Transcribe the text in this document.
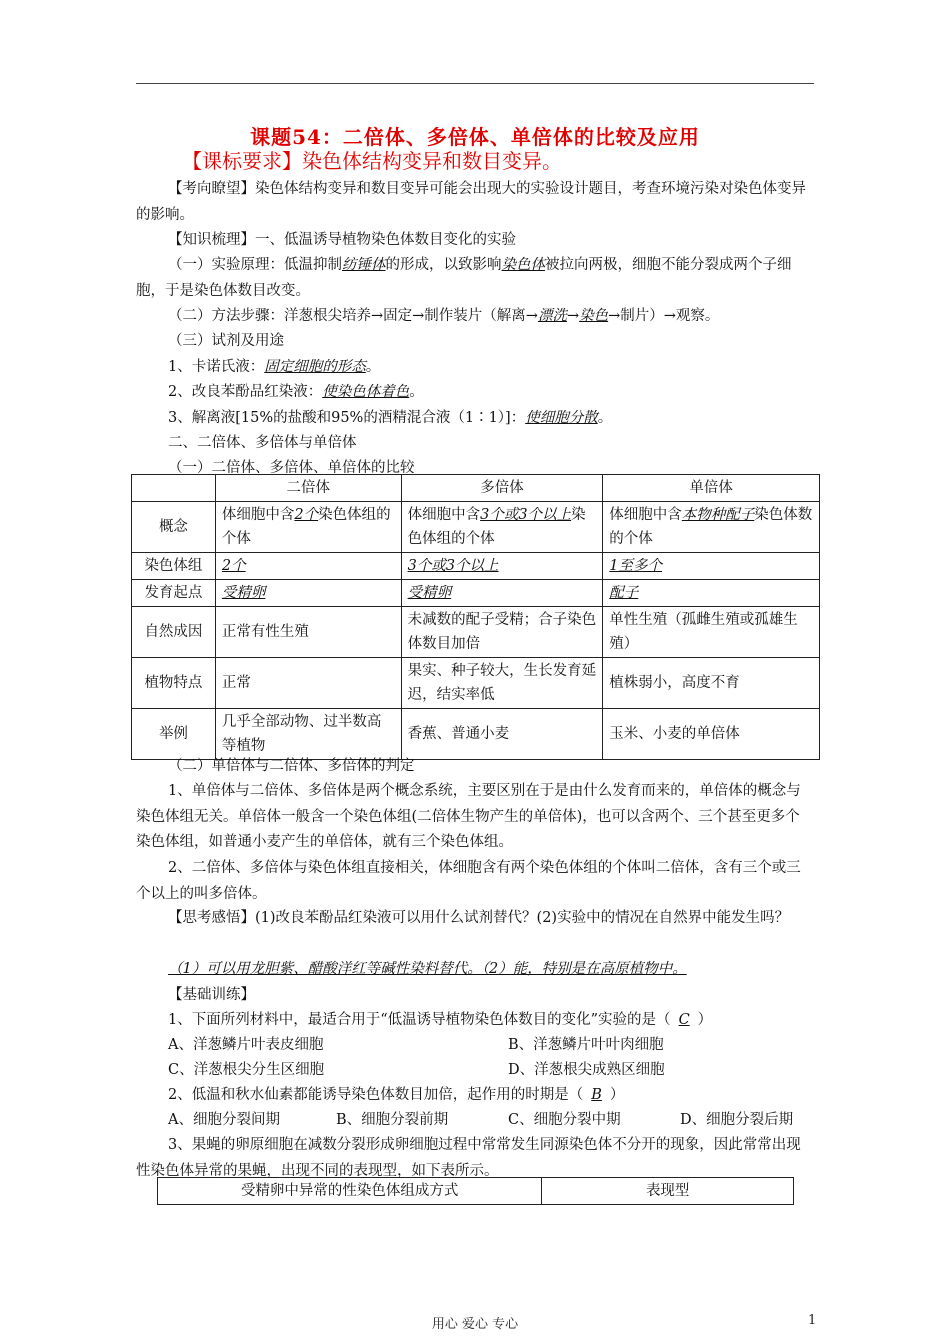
课题54：二倍体、多倍体、单倍体的比较及应用
【课标要求】染色体结构变异和数目变异。
【考向瞭望】染色体结构变异和数目变异可能会出现大的实验设计题目，考查环境污染对染色体变异的影响。
【知识梳理】一、低温诱导植物染色体数目变化的实验
（一）实验原理：低温抑制纺锤体的形成，以致影响染色体被拉向两极，细胞不能分裂成两个子细胞，于是染色体数目改变。
（二）方法步骤：洋葱根尖培养→固定→制作装片（解离→漂洗→染色→制片）→观察。
（三）试剂及用途
1、卡诺氏液：固定细胞的形态。
2、改良苯酚品红染液：使染色体着色。
3、解离液[15%的盐酸和95%的酒精混合液（1∶1）]：使细胞分散。
二、二倍体、多倍体与单倍体
（一）二倍体、多倍体、单倍体的比较
	二倍体	多倍体	单倍体
概念	体细胞中含2个染色体组的个体	体细胞中含3个或3个以上染色体组的个体	体细胞中含本物种配子染色体数的个体
染色体组	2个	3个或3个以上	1至多个
发育起点	受精卵	受精卵	配子
自然成因	正常有性生殖	未减数的配子受精；合子染色体数目加倍	单性生殖（孤雌生殖或孤雄生殖）
植物特点	正常	果实、种子较大，生长发育延迟，结实率低	植株弱小，高度不育
举例	几乎全部动物、过半数高等植物	香蕉、普通小麦	玉米、小麦的单倍体
（二）单倍体与二倍体、多倍体的判定
1、单倍体与二倍体、多倍体是两个概念系统，主要区别在于是由什么发育而来的，单倍体的概念与染色体组无关。单倍体一般含一个染色体组(二倍体生物产生的单倍体)，也可以含两个、三个甚至更多个染色体组，如普通小麦产生的单倍体，就有三个染色体组。
2、二倍体、多倍体与染色体组直接相关，体细胞含有两个染色体组的个体叫二倍体，含有三个或三个以上的叫多倍体。
【思考感悟】(1)改良苯酚品红染液可以用什么试剂替代？(2)实验中的情况在自然界中能发生吗？
（1）可以用龙胆紫、醋酸洋红等碱性染料替代。（2）能，特别是在高原植物中。
【基础训练】
1、下面所列材料中，最适合用于“低温诱导植物染色体数目的变化”实验的是（ C ）
A、洋葱鳞片叶表皮细胞	B、洋葱鳞片叶叶肉细胞
C、洋葱根尖分生区细胞	D、洋葱根尖成熟区细胞
2、低温和秋水仙素都能诱导染色体数目加倍，起作用的时期是（ B ）
A、细胞分裂间期	B、细胞分裂前期	C、细胞分裂中期	D、细胞分裂后期
3、果蝇的卵原细胞在减数分裂形成卵细胞过程中常常发生同源染色体不分开的现象，因此常常出现性染色体异常的果蝇，出现不同的表现型，如下表所示。
受精卵中异常的性染色体组成方式	表现型
用心 爱心 专心	1
